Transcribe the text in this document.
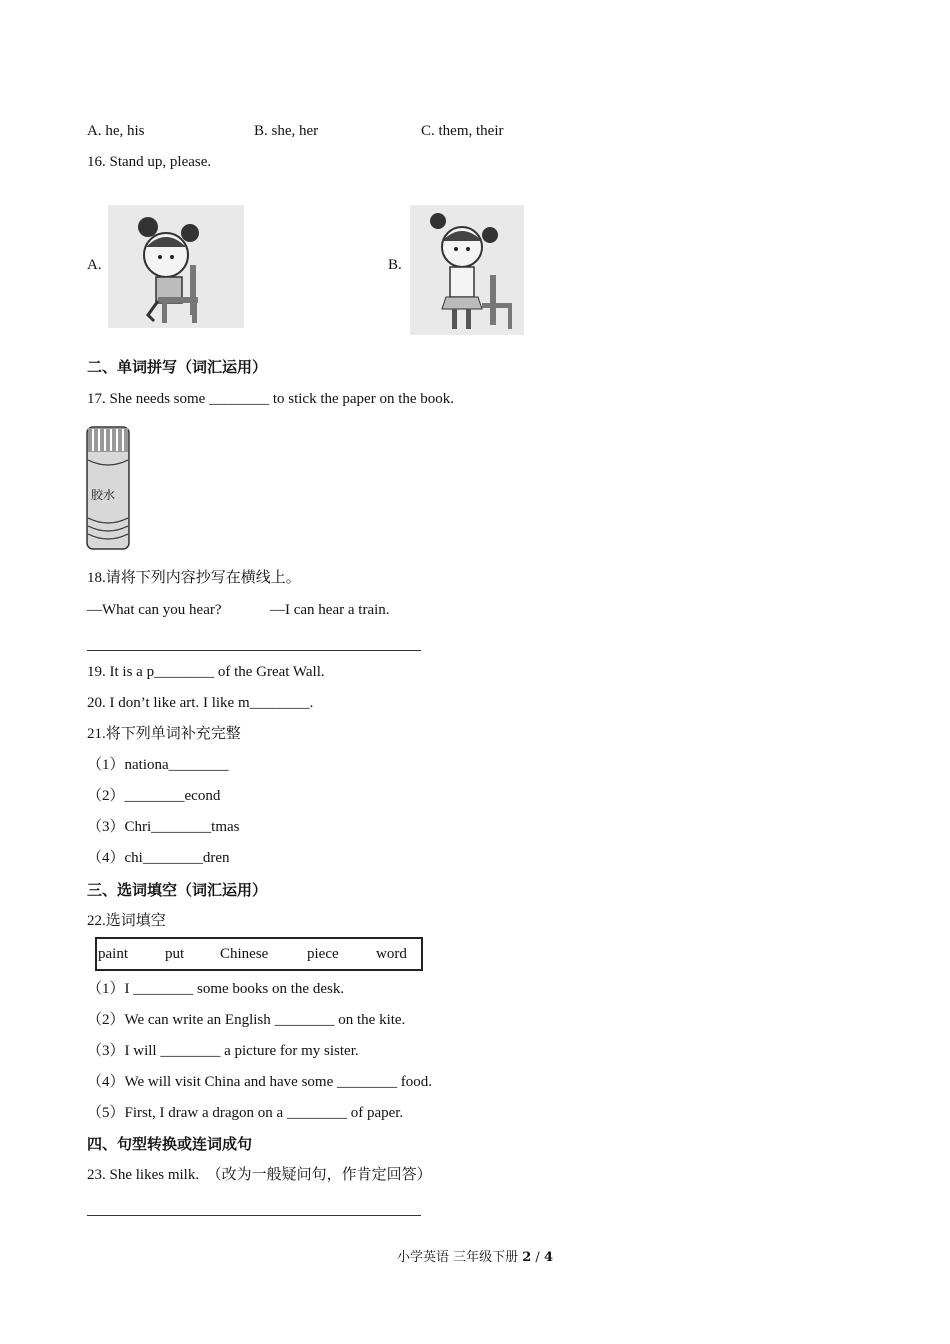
A. he, his	B. she, her	C. them, their
16. Stand up, please.
A.	B.
二、单词拼写（词汇运用）
17. She needs some ________ to stick the paper on the book.
胶水
18.请将下列内容抄写在横线上。
—What can you hear?	—I can hear a train.
19. It is a p________ of the Great Wall.
20. I don’t like art. I like m________.
21.将下列单词补充完整
（1）nationa________
（2）________econd
（3）Chri________tmas
（4）chi________dren
三、选词填空（词汇运用）
22.选词填空
paint put Chinese	piece word
（1）I ________ some books on the desk.
（2）We can write an English ________ on the kite.
（3）I will ________ a picture for my sister.
（4）We will visit China and have some ________ food.
（5）First, I draw a dragon on a ________ of paper.
四、句型转换或连词成句
23. She likes milk.  （改为一般疑问句，作肯定回答）
小学英语 三年级下册 2 / 4
